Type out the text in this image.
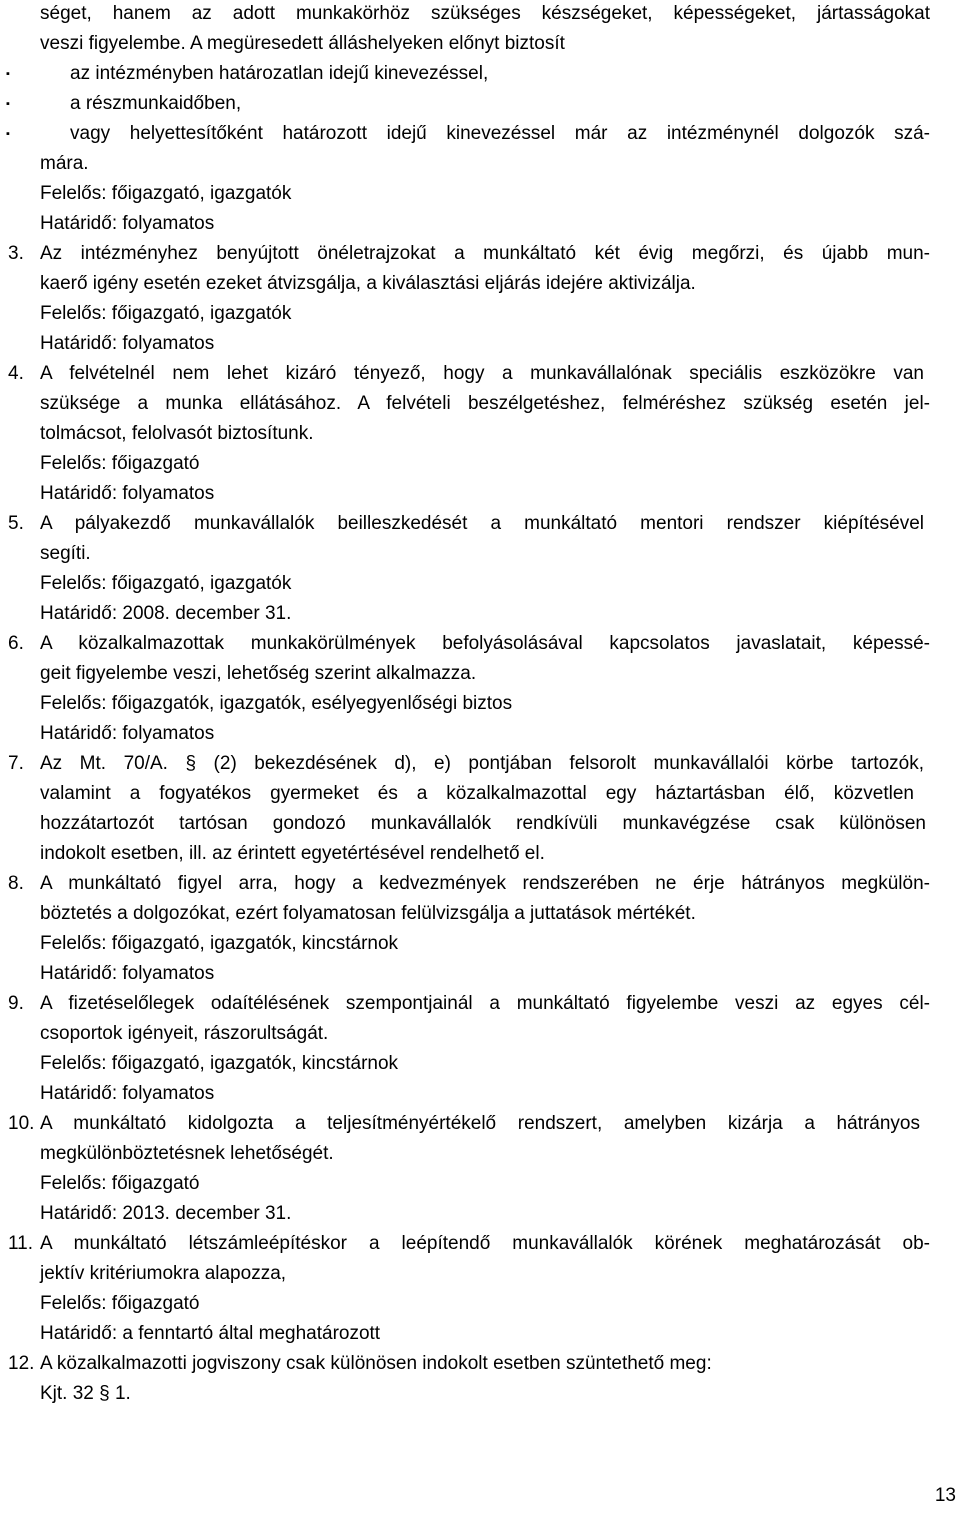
séget, hanem az adott munkakörhöz szükséges készségeket, képességeket, jártasságokat
veszi figyelembe. A megüresedett álláshelyeken előnyt biztosít
▪	az intézményben határozatlan idejű kinevezéssel,
▪	a részmunkaidőben,
▪	vagy helyettesítőként határozott idejű kinevezéssel már az intézménynél dolgozók szá-
mára.
Felelős: főigazgató, igazgatók
Határidő: folyamatos
3. Az intézményhez benyújtott önéletrajzokat a munkáltató két évig megőrzi, és újabb mun-
kaerő igény esetén ezeket átvizsgálja, a kiválasztási eljárás idejére aktivizálja.
Felelős: főigazgató, igazgatók
Határidő: folyamatos
4. A felvételnél nem lehet kizáró tényező, hogy a munkavállalónak speciális eszközökre van
szüksége a munka ellátásához. A felvételi beszélgetéshez, felméréshez szükség esetén jel-
tolmácsot, felolvasót biztosítunk.
Felelős: főigazgató
Határidő: folyamatos
5. A pályakezdő munkavállalók beilleszkedését a munkáltató mentori rendszer kiépítésével
segíti.
Felelős: főigazgató, igazgatók
Határidő: 2008. december 31.
6. A közalkalmazottak munkakörülmények befolyásolásával kapcsolatos javaslatait, képessé-
geit figyelembe veszi, lehetőség szerint alkalmazza.
Felelős: főigazgatók, igazgatók, esélyegyenlőségi biztos
Határidő: folyamatos
7. Az Mt. 70/A. § (2) bekezdésének d), e) pontjában felsorolt munkavállalói körbe tartozók,
valamint a fogyatékos gyermeket és a közalkalmazottal egy háztartásban élő, közvetlen
hozzátartozót tartósan gondozó munkavállalók rendkívüli munkavégzése csak különösen
indokolt esetben, ill. az érintett egyetértésével rendelhető el.
8. A munkáltató figyel arra, hogy a kedvezmények rendszerében ne érje hátrányos megkülön-
böztetés a dolgozókat, ezért folyamatosan felülvizsgálja a juttatások mértékét.
Felelős: főigazgató, igazgatók, kincstárnok
Határidő: folyamatos
9. A fizetéselőlegek odaítélésének szempontjainál a munkáltató figyelembe veszi az egyes cél-
csoportok igényeit, rászorultságát.
Felelős: főigazgató, igazgatók, kincstárnok
Határidő: folyamatos
10. A munkáltató kidolgozta a teljesítményértékelő rendszert, amelyben kizárja a hátrányos
megkülönböztetésnek lehetőségét.
Felelős: főigazgató
Határidő: 2013. december 31.
11. A munkáltató létszámleépítéskor a leépítendő munkavállalók körének meghatározását ob-
jektív kritériumokra alapozza,
Felelős: főigazgató
Határidő: a fenntartó által meghatározott
12. A közalkalmazotti jogviszony csak különösen indokolt esetben szüntethető meg:
Kjt. 32 § 1.
13
